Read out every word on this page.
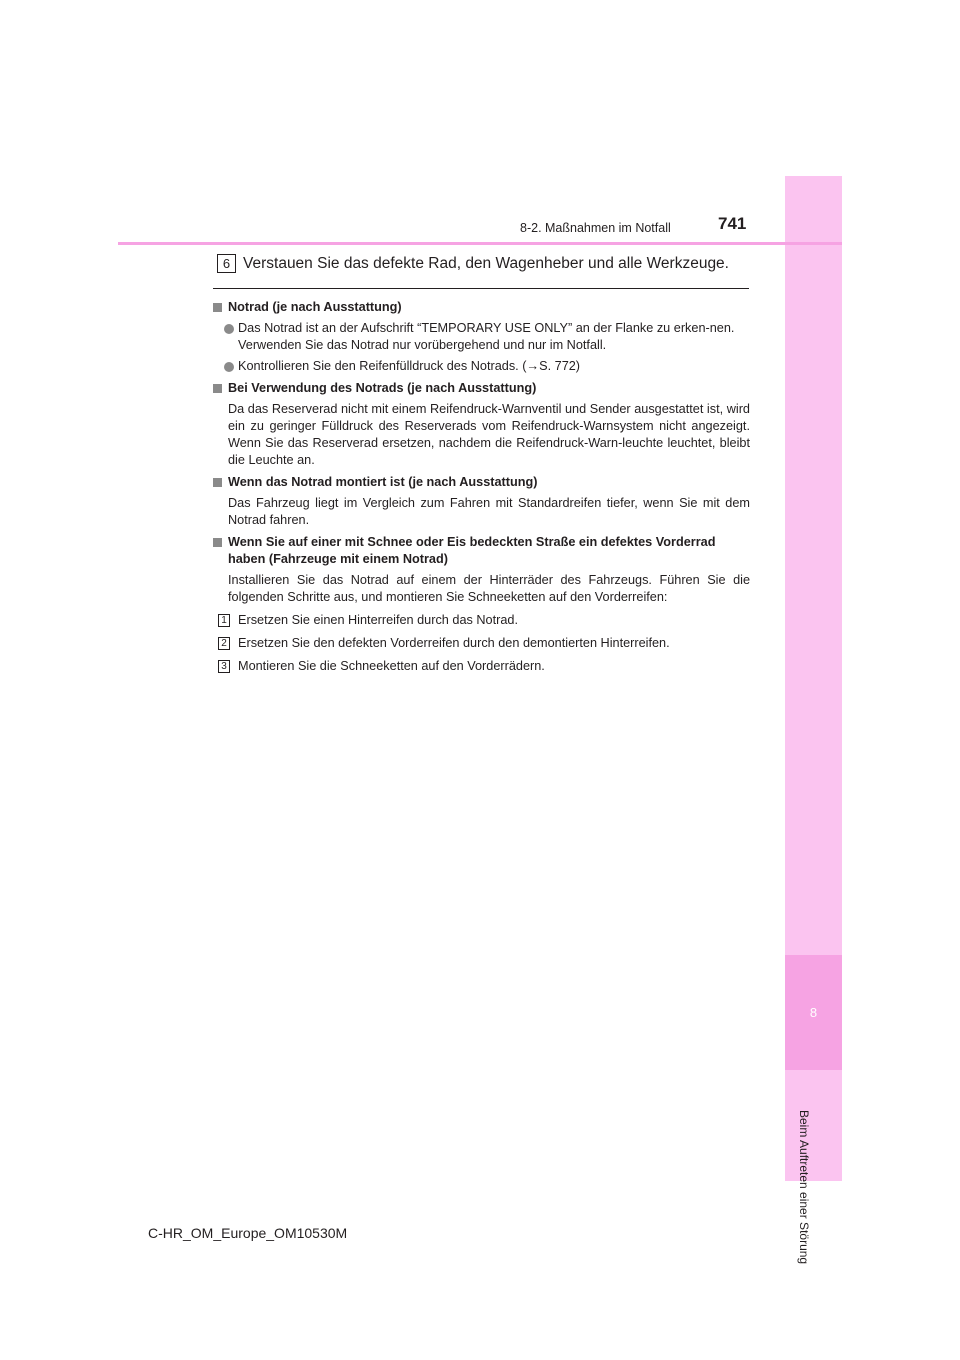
8
Beim Auftreten einer Störung
8-2. Maßnahmen im Notfall	741
6 Verstauen Sie das defekte Rad, den Wagenheber und alle Werkzeuge.
Notrad (je nach Ausstattung)
Das Notrad ist an der Aufschrift “TEMPORARY USE ONLY” an der Flanke zu erken-nen.
Verwenden Sie das Notrad nur vorübergehend und nur im Notfall.
Kontrollieren Sie den Reifenfülldruck des Notrads. (→S. 772)
Bei Verwendung des Notrads (je nach Ausstattung)
Da das Reserverad nicht mit einem Reifendruck-Warnventil und Sender ausgestattet ist, wird ein zu geringer Fülldruck des Reserverads vom Reifendruck-Warnsystem nicht angezeigt. Wenn Sie das Reserverad ersetzen, nachdem die Reifendruck-Warn-leuchte leuchtet, bleibt die Leuchte an.
Wenn das Notrad montiert ist (je nach Ausstattung)
Das Fahrzeug liegt im Vergleich zum Fahren mit Standardreifen tiefer, wenn Sie mit dem Notrad fahren.
Wenn Sie auf einer mit Schnee oder Eis bedeckten Straße ein defektes Vorderrad haben (Fahrzeuge mit einem Notrad)
Installieren Sie das Notrad auf einem der Hinterräder des Fahrzeugs. Führen Sie die folgenden Schritte aus, und montieren Sie Schneeketten auf den Vorderreifen:
1 Ersetzen Sie einen Hinterreifen durch das Notrad.
2 Ersetzen Sie den defekten Vorderreifen durch den demontierten Hinterreifen.
3 Montieren Sie die Schneeketten auf den Vorderrädern.
C-HR_OM_Europe_OM10530M
